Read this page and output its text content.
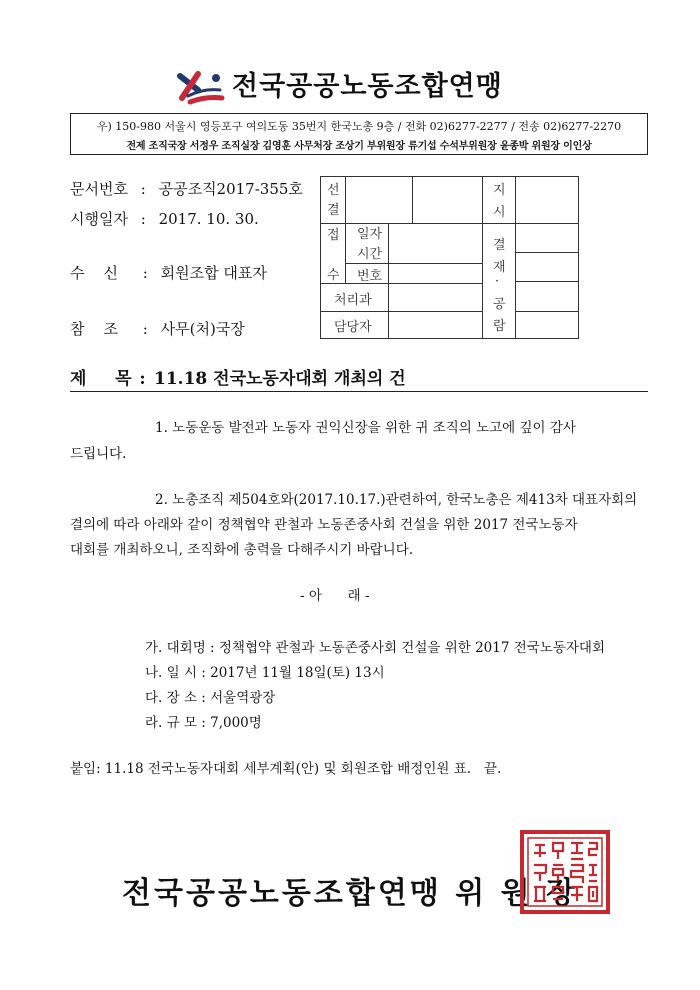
전국공공노동조합연맹
우) 150-980 서울시 영등포구 여의도동 35번지 한국노총 9층 / 전화 02)6277-2277 / 전송 02)6277-2270
전제 조직국장 서정우 조직실장 김영훈 사무처장 조상기 부위원장 류기섭 수석부위원장 윤종박 위원장 이인상
문서번호 : 공공조직2017-355호
시행일자 : 2017. 10. 30.
수    신 : 회원조합 대표자
참    조 : 사무(처)국장
선
결
지
시
접
수
일자
시간
번호
처리과
담당자
결
재
·
공
람
제    목 : 11.18 전국노동자대회 개최의 건
1. 노동운동 발전과 노동자 권익신장을 위한 귀 조직의 노고에 깊이 감사
드립니다.
2. 노총조직 제504호와(2017.10.17.)관련하여, 한국노총은 제413차 대표자회의
결의에 따라 아래와 같이 정책협약 관철과 노동존중사회 건설을 위한 2017 전국노동자
대회를 개최하오니, 조직화에 총력을 다해주시기 바랍니다.
- 아      래 -
가. 대회명 : 정책협약 관철과 노동존중사회 건설을 위한 2017 전국노동자대회
나. 일 시 : 2017년 11월 18일(토) 13시
다. 장 소 : 서울역광장
라. 규 모 : 7,000명
붙임: 11.18 전국노동자대회 세부계획(안) 및 회원조합 배정인원 표.   끝.
전국공공노동조합연맹 위 원 장
